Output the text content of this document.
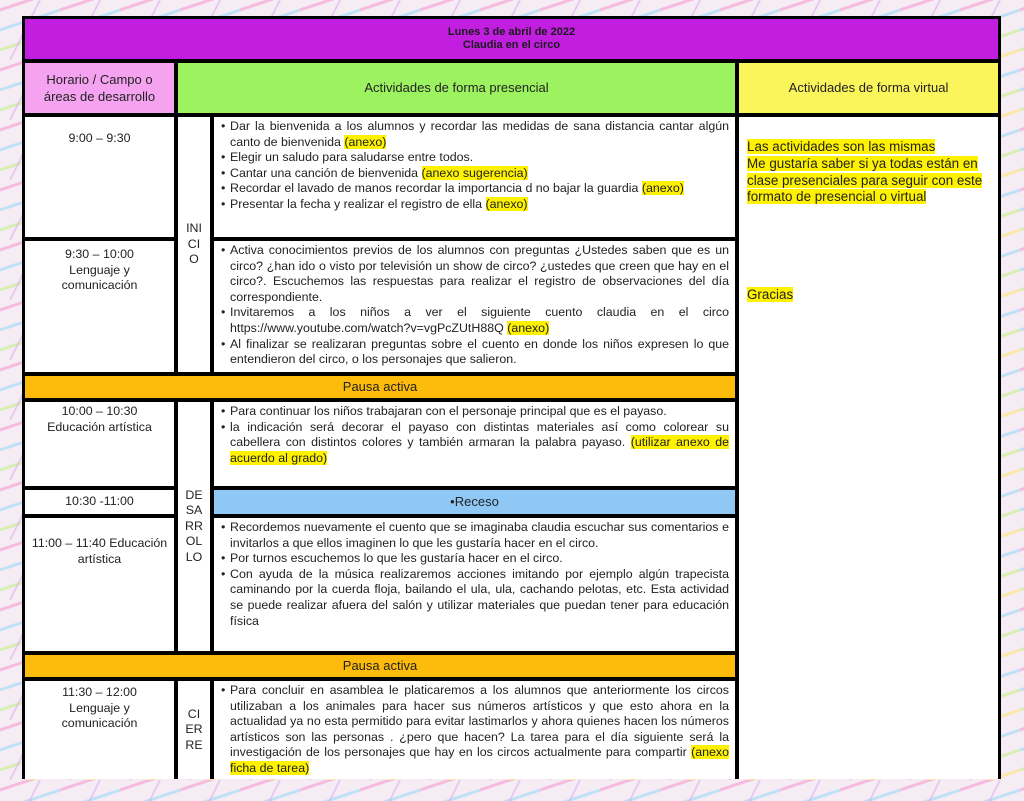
Lunes 3 de abril de 2022
Claudia en el circo
Horario / Campo o áreas de desarrollo
Actividades de forma presencial	Actividades de forma virtual
Las actividades son las mismas
Me gustaría saber si ya todas están en clase presenciales para seguir con este formato de presencial o virtual
Gracias
9:00 – 9:30
INI CI O
• Dar la bienvenida a los alumnos y recordar las medidas de sana distancia cantar algún canto de bienvenida (anexo)
• Elegir un saludo para saludarse entre todos.
• Cantar una canción de bienvenida (anexo sugerencia)
• Recordar el lavado de manos recordar la importancia d no bajar la guardia (anexo)
• Presentar la fecha y realizar el registro de ella (anexo)
9:30 – 10:00 Lenguaje y comunicación
• Activa conocimientos previos de los alumnos con preguntas ¿Ustedes saben que es un circo? ¿han ido o visto por televisión un show de circo? ¿ustedes que creen que hay en el circo?. Escuchemos las respuestas para realizar el registro de observaciones del día correspondiente.
• Invitaremos a los niños a ver el siguiente cuento claudia en el circo https://www.youtube.com/watch?v=vgPcZUtH88Q (anexo)
• Al finalizar se realizaran preguntas sobre el cuento en donde los niños expresen lo que entendieron del circo, o los personajes que salieron.
Pausa activa
10:00 – 10:30 Educación artística
DE SA RR OL LO
• Para continuar los niños trabajaran con el personaje principal que es el payaso.
• la indicación será decorar el payaso con distintas materiales así como colorear su cabellera con distintos colores y también armaran la palabra payaso. (utilizar anexo de acuerdo al grado)
10:30 -11:00	•Receso
11:00 – 11:40 Educación artística
• Recordemos nuevamente el cuento que se imaginaba claudia escuchar sus comentarios e invitarlos a que ellos imaginen lo que les gustaría hacer en el circo.
• Por turnos escuchemos lo que les gustaría hacer en el circo.
• Con ayuda de la música realizaremos acciones imitando por ejemplo algún trapecista caminando por la cuerda floja, bailando el ula, ula, cachando pelotas, etc. Esta actividad se puede realizar afuera del salón y utilizar materiales que puedan tener para educación física
Pausa activa
11:30 – 12:00 Lenguaje y comunicación
CI ER RE
• Para concluir en asamblea le platicaremos a los alumnos que anteriormente los circos utilizaban a los animales para hacer sus números artísticos y que esto ahora en la actualidad ya no esta permitido para evitar lastimarlos y ahora quienes hacen los números artísticos son las personas . ¿pero que hacen? La tarea para el día siguiente será la investigación de los personajes que hay en los circos actualmente para compartir (anexo ficha de tarea)
